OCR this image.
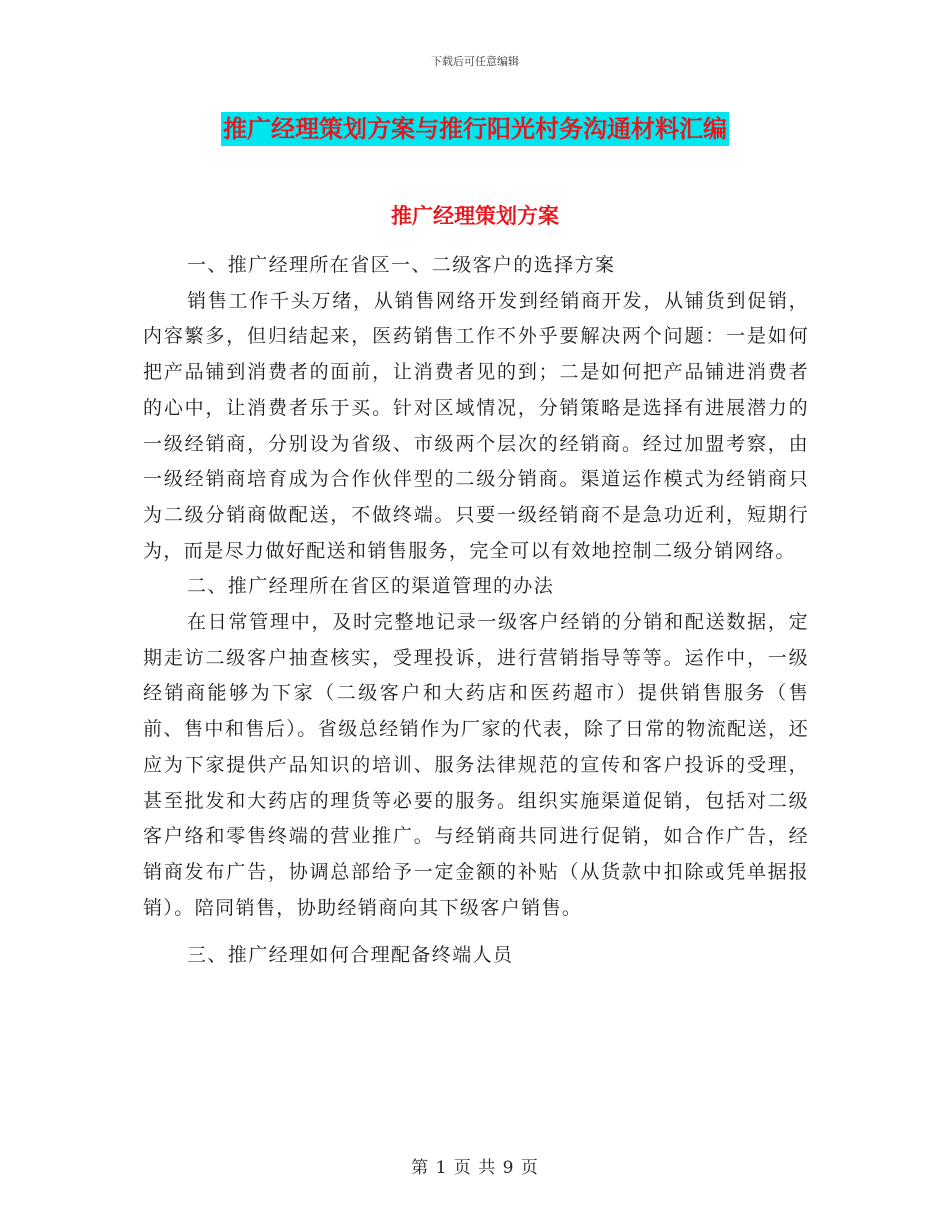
下载后可任意编辑
推广经理策划方案与推行阳光村务沟通材料汇编
推广经理策划方案

一、推广经理所在省区一、二级客户的选择方案

销售工作千头万绪，从销售网络开发到经销商开发，从铺货到促销，内容繁多，但归结起来，医药销售工作不外乎要解决两个问题：一是如何把产品铺到消费者的面前，让消费者见的到；二是如何把产品铺进消费者的心中，让消费者乐于买。针对区域情况，分销策略是选择有进展潜力的一级经销商，分别设为省级、市级两个层次的经销商。经过加盟考察，由一级经销商培育成为合作伙伴型的二级分销商。渠道运作模式为经销商只为二级分销商做配送，不做终端。只要一级经销商不是急功近利，短期行为，而是尽力做好配送和销售服务，完全可以有效地控制二级分销网络。

二、推广经理所在省区的渠道管理的办法

在日常管理中，及时完整地记录一级客户经销的分销和配送数据，定期走访二级客户抽查核实，受理投诉，进行营销指导等等。运作中，一级经销商能够为下家（二级客户和大药店和医药超市）提供销售服务（售前、售中和售后）。省级总经销作为厂家的代表，除了日常的物流配送，还应为下家提供产品知识的培训、服务法律规范的宣传和客户投诉的受理，甚至批发和大药店的理货等必要的服务。组织实施渠道促销，包括对二级客户络和零售终端的营业推广。与经销商共同进行促销，如合作广告，经销商发布广告，协调总部给予一定金额的补贴（从货款中扣除或凭单据报销）。陪同销售，协助经销商向其下级客户销售。

三、推广经理如何合理配备终端人员

第 1 页 共 9 页
